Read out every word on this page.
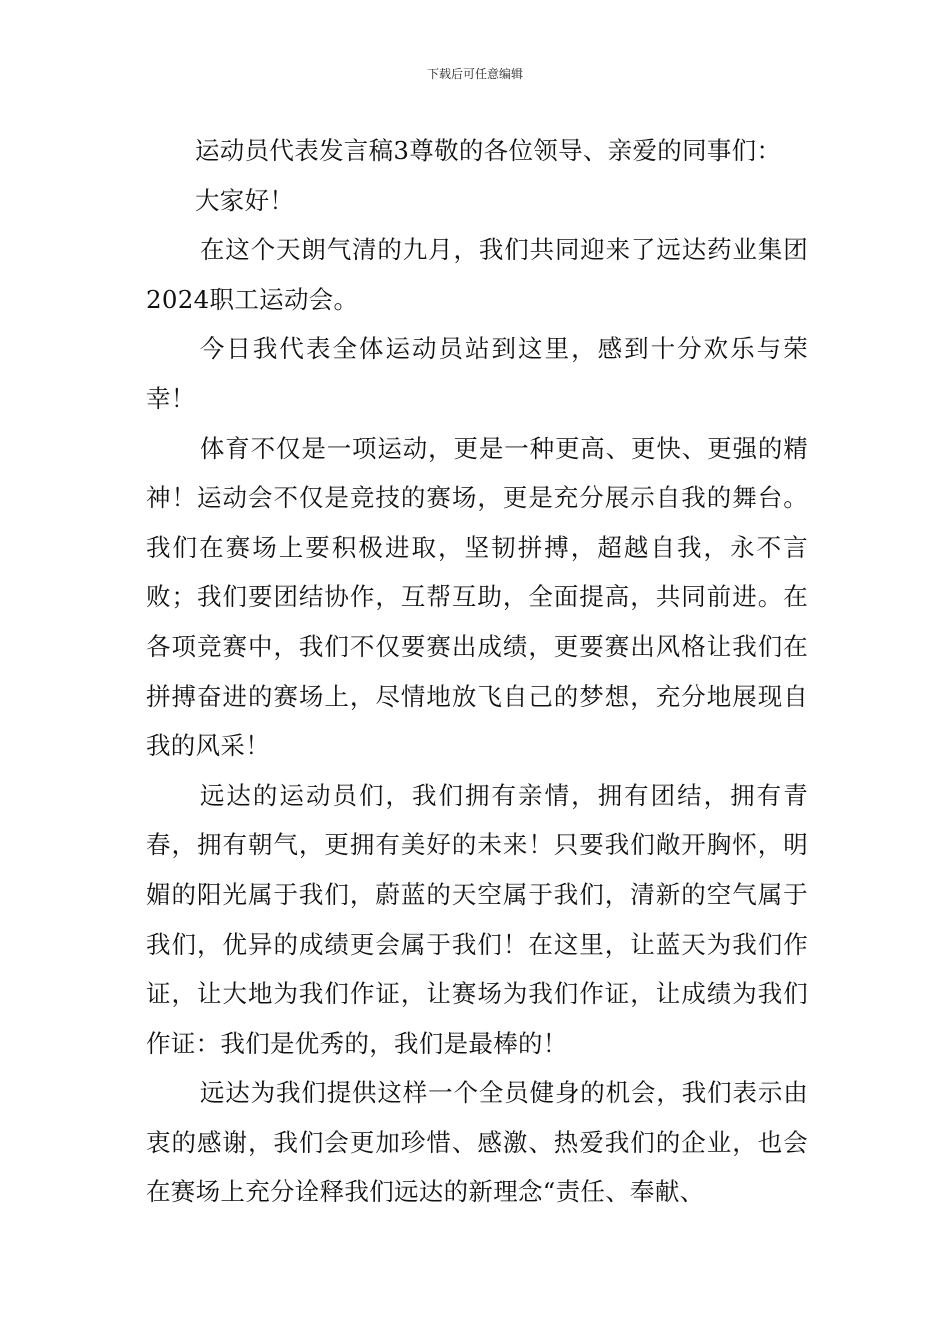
下载后可任意编辑

运动员代表发言稿3尊敬的各位领导、亲爱的同事们：

大家好！

在这个天朗气清的九月，我们共同迎来了远达药业集团2024职工运动会。

今日我代表全体运动员站到这里，感到十分欢乐与荣幸！

体育不仅是一项运动，更是一种更高、更快、更强的精神！运动会不仅是竞技的赛场，更是充分展示自我的舞台。我们在赛场上要积极进取，坚韧拼搏，超越自我，永不言败；我们要团结协作，互帮互助，全面提高，共同前进。在各项竞赛中，我们不仅要赛出成绩，更要赛出风格让我们在拼搏奋进的赛场上，尽情地放飞自己的梦想，充分地展现自我的风采！

远达的运动员们，我们拥有亲情，拥有团结，拥有青春，拥有朝气，更拥有美好的未来！只要我们敞开胸怀，明媚的阳光属于我们，蔚蓝的天空属于我们，清新的空气属于我们，优异的成绩更会属于我们！在这里，让蓝天为我们作证，让大地为我们作证，让赛场为我们作证，让成绩为我们作证：我们是优秀的，我们是最棒的！

远达为我们提供这样一个全员健身的机会，我们表示由衷的感谢，我们会更加珍惜、感激、热爱我们的企业，也会在赛场上充分诠释我们远达的新理念“责任、奉献、
